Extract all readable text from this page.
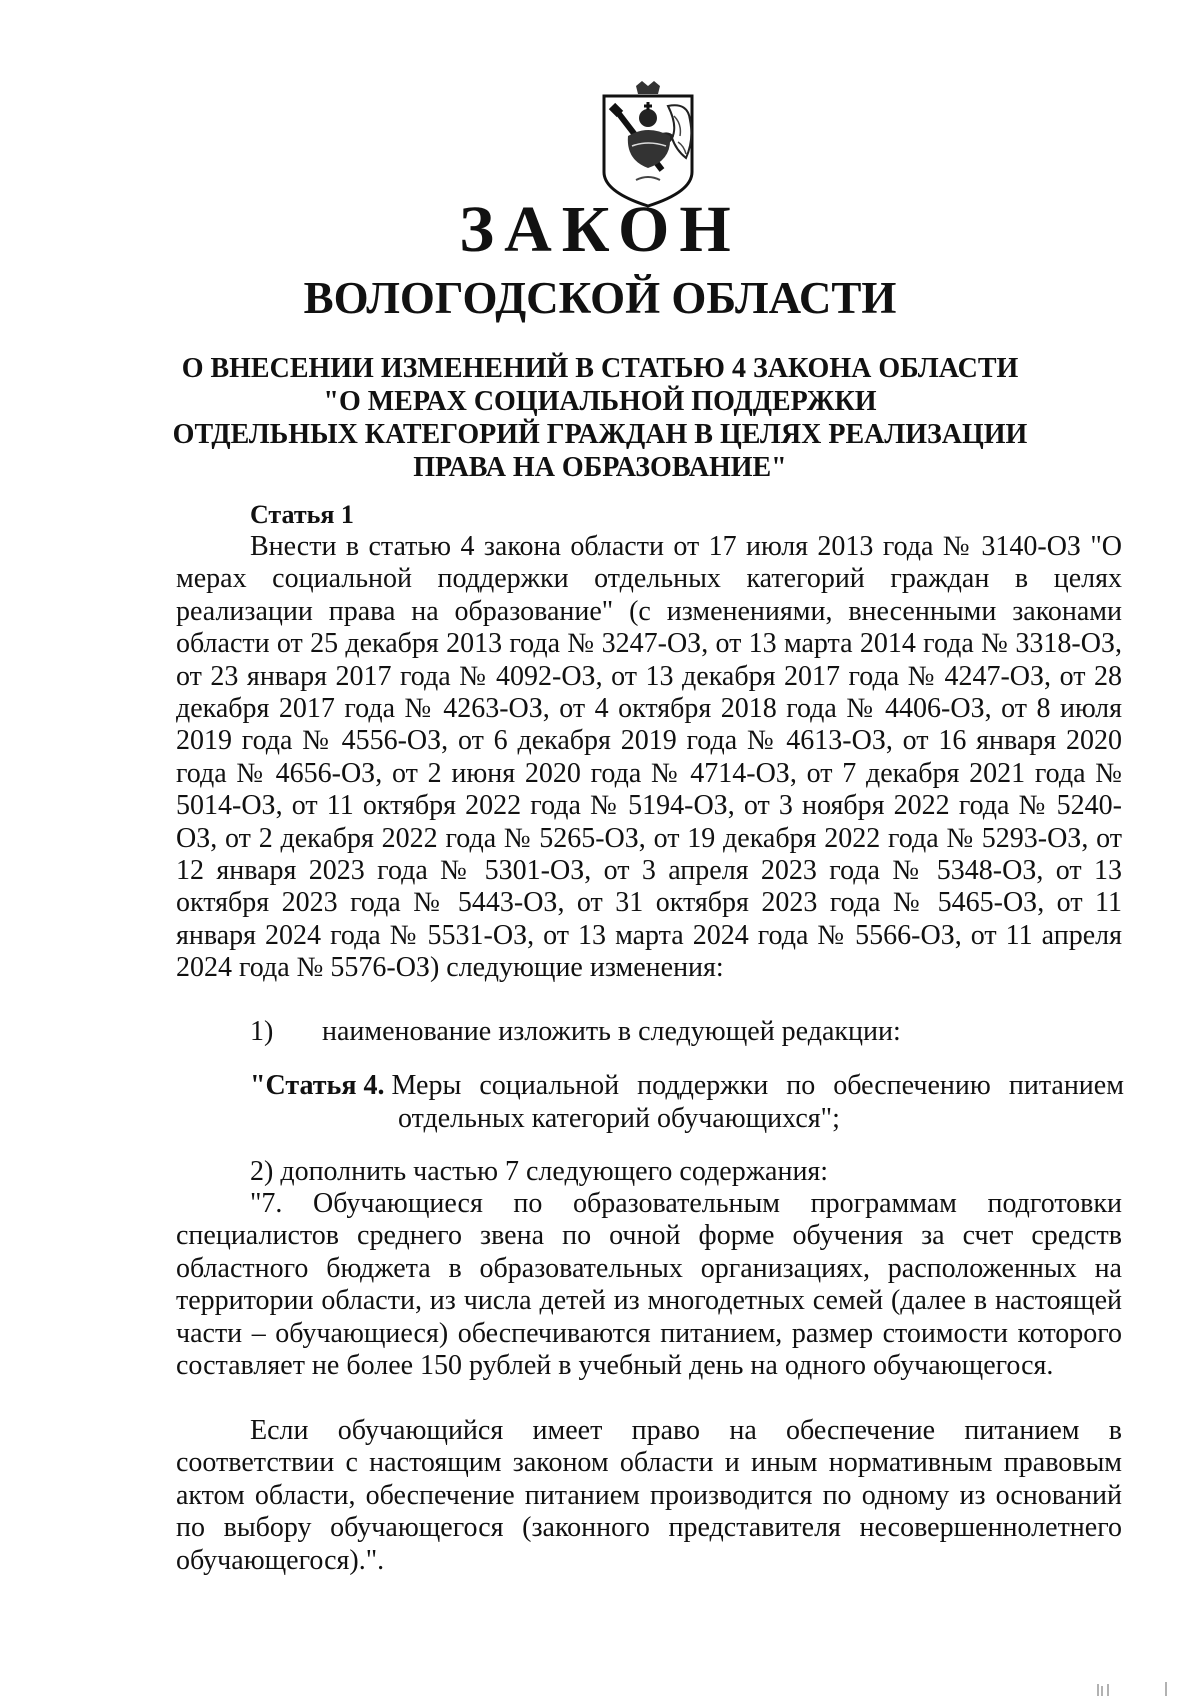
ЗАКОН
ВОЛОГОДСКОЙ ОБЛАСТИ
О ВНЕСЕНИИ ИЗМЕНЕНИЙ В СТАТЬЮ 4 ЗАКОНА ОБЛАСТИ
"О МЕРАХ СОЦИАЛЬНОЙ ПОДДЕРЖКИ
ОТДЕЛЬНЫХ КАТЕГОРИЙ ГРАЖДАН В ЦЕЛЯХ РЕАЛИЗАЦИИ
ПРАВА НА ОБРАЗОВАНИЕ"
Статья 1
Внести в статью 4 закона области от 17 июля 2013 года № 3140-ОЗ "О мерах социальной поддержки отдельных категорий граждан в целях реализации права на образование" (с изменениями, внесенными законами области от 25 декабря 2013 года № 3247-ОЗ, от 13 марта 2014 года № 3318-ОЗ, от 23 января 2017 года № 4092-ОЗ, от 13 декабря 2017 года № 4247-ОЗ, от 28 декабря 2017 года № 4263-ОЗ, от 4 октября 2018 года № 4406-ОЗ, от 8 июля 2019 года № 4556-ОЗ, от 6 декабря 2019 года № 4613-ОЗ, от 16 января 2020 года № 4656-ОЗ, от 2 июня 2020 года № 4714-ОЗ, от 7 декабря 2021 года № 5014-ОЗ, от 11 октября 2022 года № 5194-ОЗ, от 3 ноября 2022 года № 5240-ОЗ, от 2 декабря 2022 года № 5265-ОЗ, от 19 декабря 2022 года № 5293-ОЗ, от 12 января 2023 года № 5301-ОЗ, от 3 апреля 2023 года № 5348-ОЗ, от 13 октября 2023 года № 5443-ОЗ, от 31 октября 2023 года № 5465-ОЗ, от 11 января 2024 года № 5531-ОЗ, от 13 марта 2024 года № 5566-ОЗ, от 11 апреля 2024 года № 5576-ОЗ) следующие изменения:
1) наименование изложить в следующей редакции:
"Статья 4. Меры социальной поддержки по обеспечению питанием
отдельных категорий обучающихся";
2) дополнить частью 7 следующего содержания:
"7. Обучающиеся по образовательным программам подготовки специалистов среднего звена по очной форме обучения за счет средств областного бюджета в образовательных организациях, расположенных на территории области, из числа детей из многодетных семей (далее в настоящей части – обучающиеся) обеспечиваются питанием, размер стоимости которого составляет не более 150 рублей в учебный день на одного обучающегося.
Если обучающийся имеет право на обеспечение питанием в соответствии с настоящим законом области и иным нормативным правовым актом области, обеспечение питанием производится по одному из оснований по выбору обучающегося (законного представителя несовершеннолетнего обучающегося).".
